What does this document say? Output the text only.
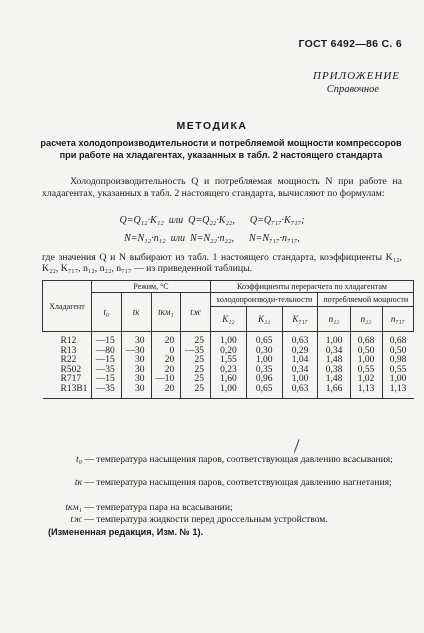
ГОСТ 6492—86 С. 6
ПРИЛОЖЕНИЕ
Справочное
МЕТОДИКА
расчета холодопроизводительности и потребляемой мощности компрессоров при работе на хладагентах, указанных в табл. 2 настоящего стандарта
Холодопроизводительность Q и потребляемая мощность N при работе на хладагентах, указанных в табл. 2 настоящего стандарта, вычисляют по формулам:
Q=Q₁₂·K₁₂  или  Q=Q₂₂·K₂₂,      Q=Q₇₁₇·K₇₁₇;
N=N₁₂·n₁₂  или  N=N₂₂·n₂₂,      N=N₇₁₇·n₇₁₇,
где значения Q и N выбирают из табл. 1 настоящего стандарта, коэффициенты K₁₂, K₂₂, K₇₁₇, n₁₂, n₂₂, n₇₁₇ — из приведенной таблицы.
Хладагент	Режим, °С				Коэффициенты перерасчета по хладагентам					
	t₀	tк	tкм₁	tж	холодопроизводи-тельности			потребляемой мощности		
					K₁₂	K₂₂	K₇₁₇	n₁₂	n₂₂	n₇₁₇
R12	—15	30	20	25	1,00	0,65	0,63	1,00	0,68	0,68
R13	—80	—30	0	—35	0,20	0,30	0,29	0,34	0,50	0,50
R22	—15	30	20	25	1,55	1,00	1,04	1,48	1,00	0,98
R502	—35	30	20	25	0,23	0,35	0,34	0,38	0,55	0,55
R717	—15	30	—10	25	1,60	0,96	1,00	1,48	1,02	1,00
R13B1	—35	30	20	25	1,00	0,65	0,63	1,66	1,13	1,13
t₀ — температура насыщения паров, соответствующая давлению всасывания;
tк — температура насыщения паров, соответствующая давлению нагнетания;
tкм₁ — температура пара на всасывании;
tж — температура жидкости перед дроссельным устройством.
(Измененная редакция, Изм. № 1).
